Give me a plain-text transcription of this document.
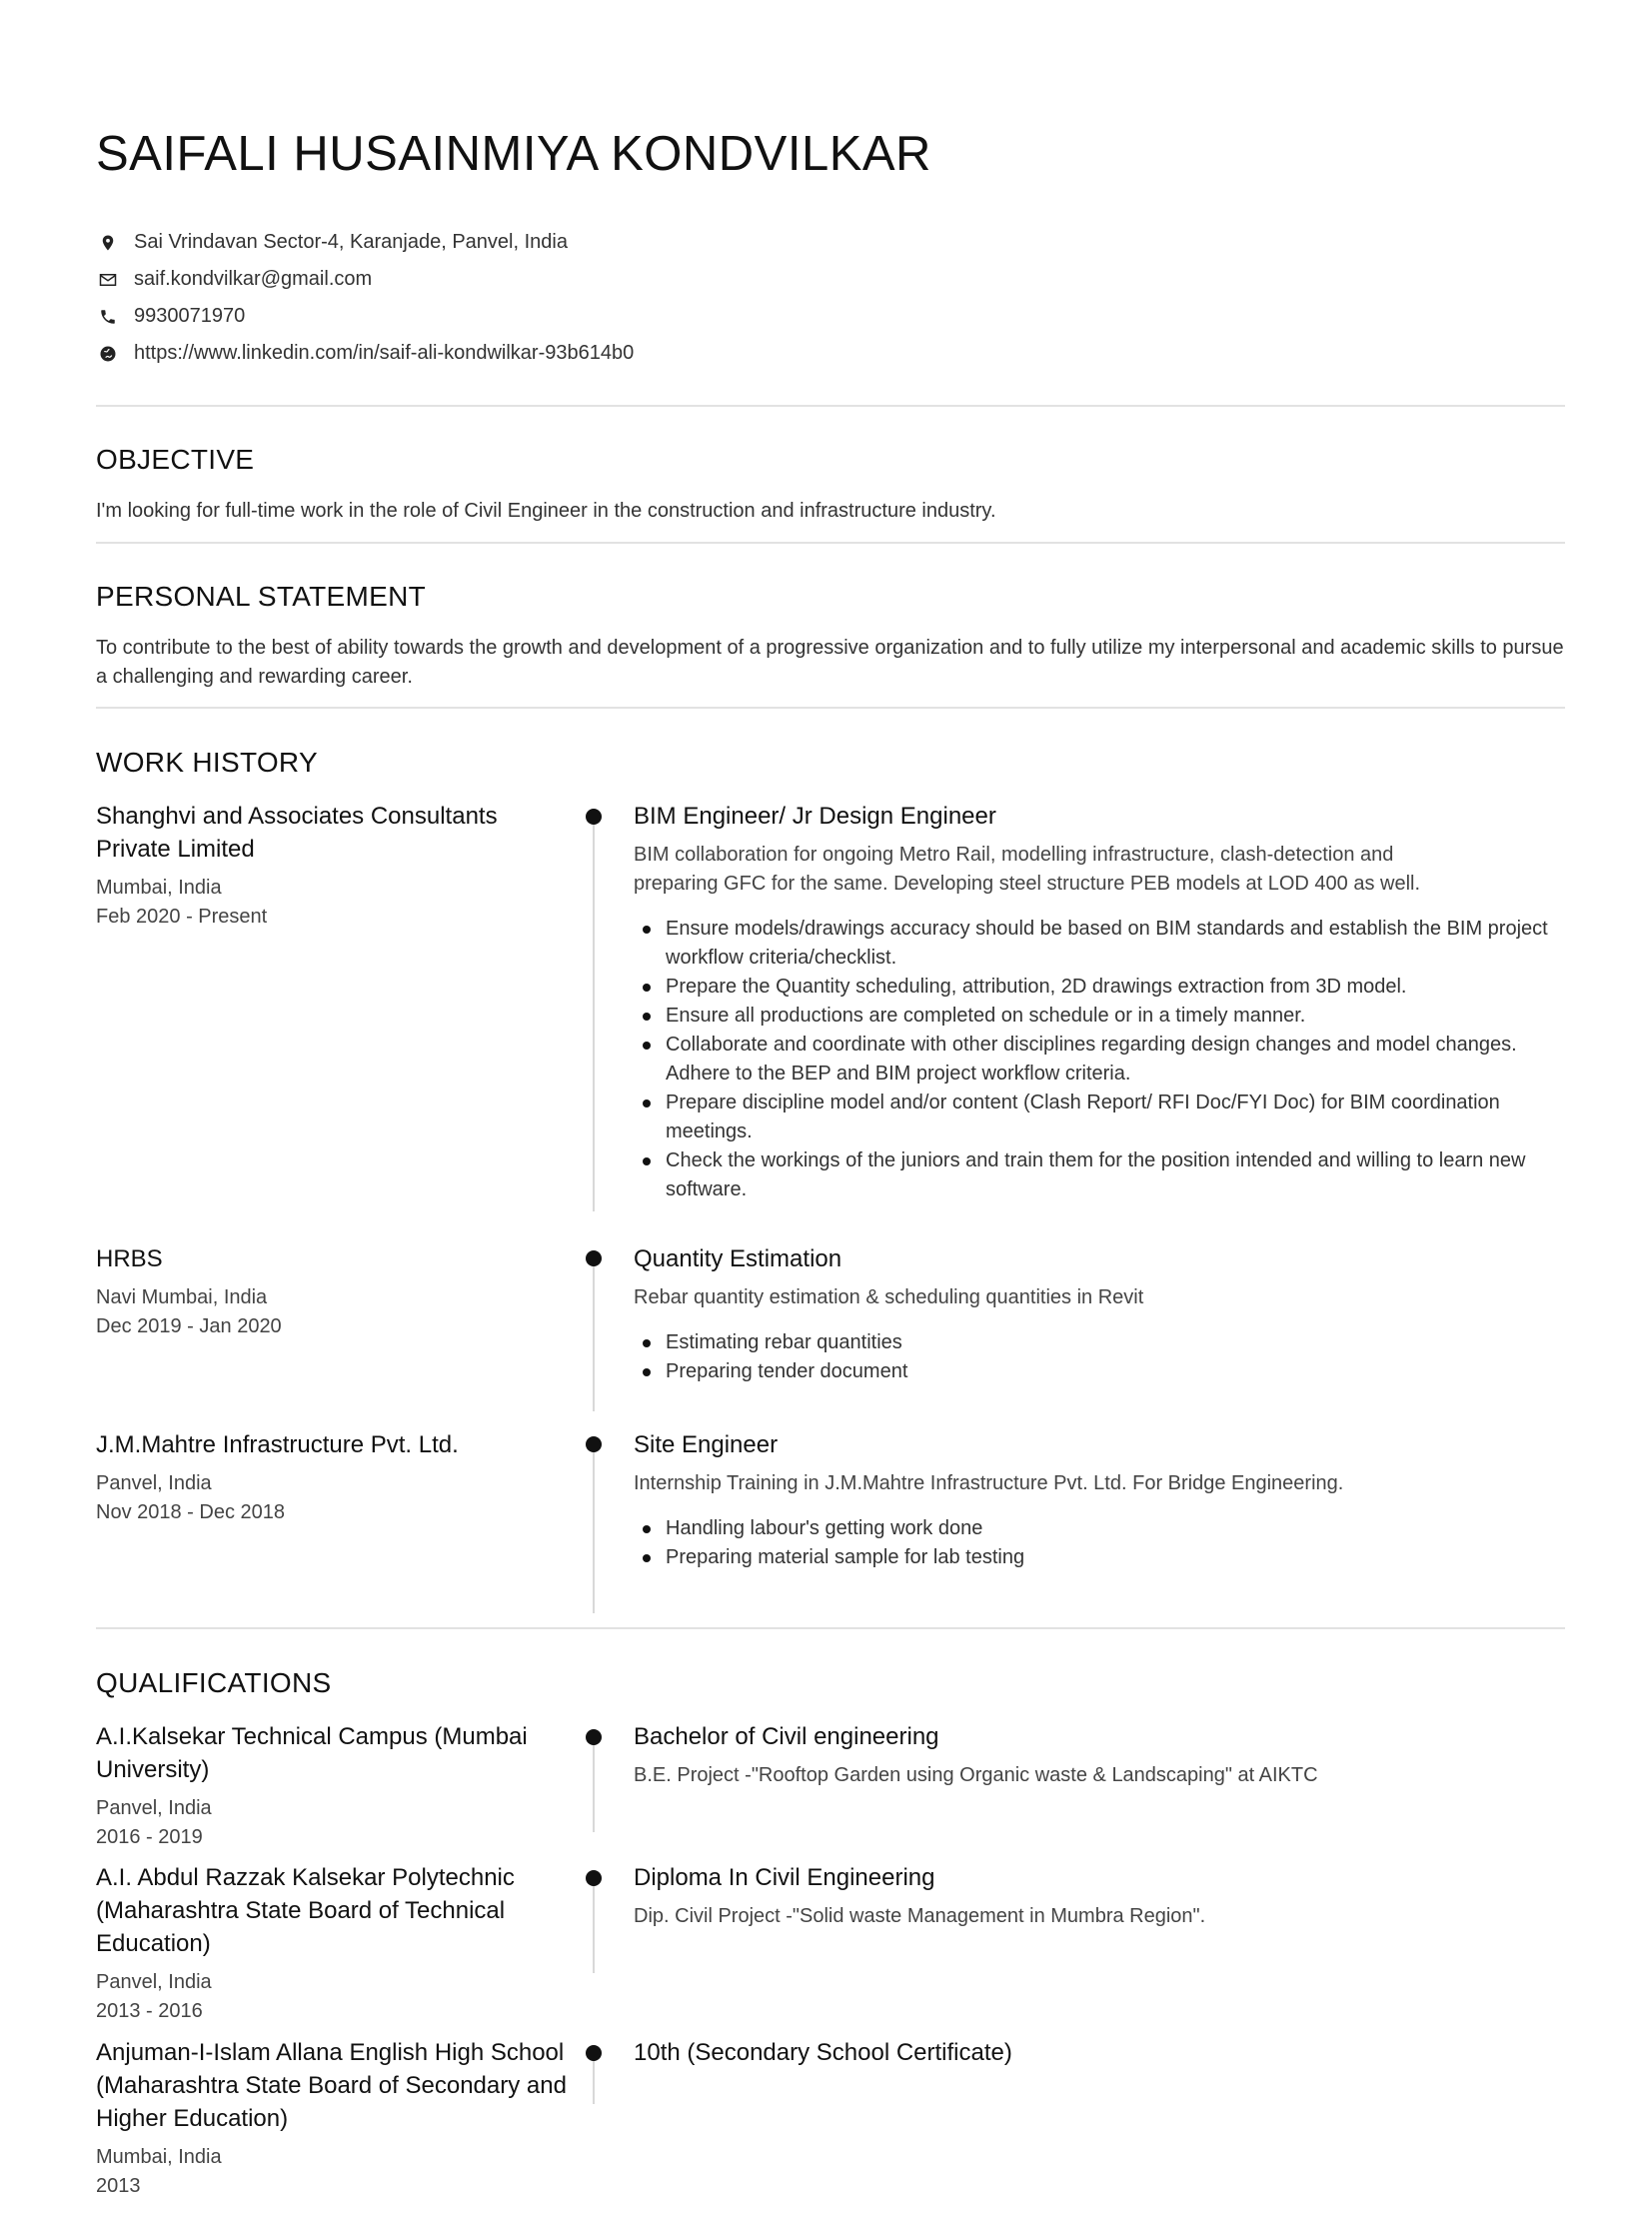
SAIFALI HUSAINMIYA KONDVILKAR
Sai Vrindavan Sector-4, Karanjade, Panvel, India
saif.kondvilkar@gmail.com
9930071970
https://www.linkedin.com/in/saif-ali-kondwilkar-93b614b0
OBJECTIVE

I'm looking for full-time work in the role of Civil Engineer in the construction and infrastructure industry.

PERSONAL STATEMENT

To contribute to the best of ability towards the growth and development of a progressive organization and to fully utilize my interpersonal and academic skills to pursue a challenging and rewarding career.

WORK HISTORY

Shanghvi and Associates Consultants Private Limited

Mumbai, India

Feb 2020 - Present

BIM Engineer/ Jr Design Engineer

BIM collaboration for ongoing Metro Rail, modelling infrastructure, clash-detection and preparing GFC for the same. Developing steel structure PEB models at LOD 400 as well.

Ensure models/drawings accuracy should be based on BIM standards and establish the BIM project workflow criteria/checklist.
Prepare the Quantity scheduling, attribution, 2D drawings extraction from 3D model.
Ensure all productions are completed on schedule or in a timely manner.
Collaborate and coordinate with other disciplines regarding design changes and model changes. Adhere to the BEP and BIM project workflow criteria.
Prepare discipline model and/or content (Clash Report/ RFI Doc/FYI Doc) for BIM coordination meetings.
Check the workings of the juniors and train them for the position intended and willing to learn new software.

HRBS

Navi Mumbai, India

Dec 2019 - Jan 2020

Quantity Estimation

Rebar quantity estimation & scheduling quantities in Revit

Estimating rebar quantities
Preparing tender document

J.M.Mahtre Infrastructure Pvt. Ltd.

Panvel, India

Nov 2018 - Dec 2018

Site Engineer

Internship Training in J.M.Mahtre Infrastructure Pvt. Ltd. For Bridge Engineering.

Handling labour's getting work done
Preparing material sample for lab testing
QUALIFICATIONS

A.I.Kalsekar Technical Campus (Mumbai University)

Panvel, India

2016 - 2019

Bachelor of Civil engineering

B.E. Project -"Rooftop Garden using Organic waste & Landscaping" at AIKTC

A.I. Abdul Razzak Kalsekar Polytechnic (Maharashtra State Board of Technical Education)

Panvel, India

2013 - 2016

Diploma In Civil Engineering

Dip. Civil Project -"Solid waste Management in Mumbra Region".

Anjuman-I-Islam Allana English High School (Maharashtra State Board of Secondary and Higher Education)

Mumbai, India

2013

10th (Secondary School Certificate)
